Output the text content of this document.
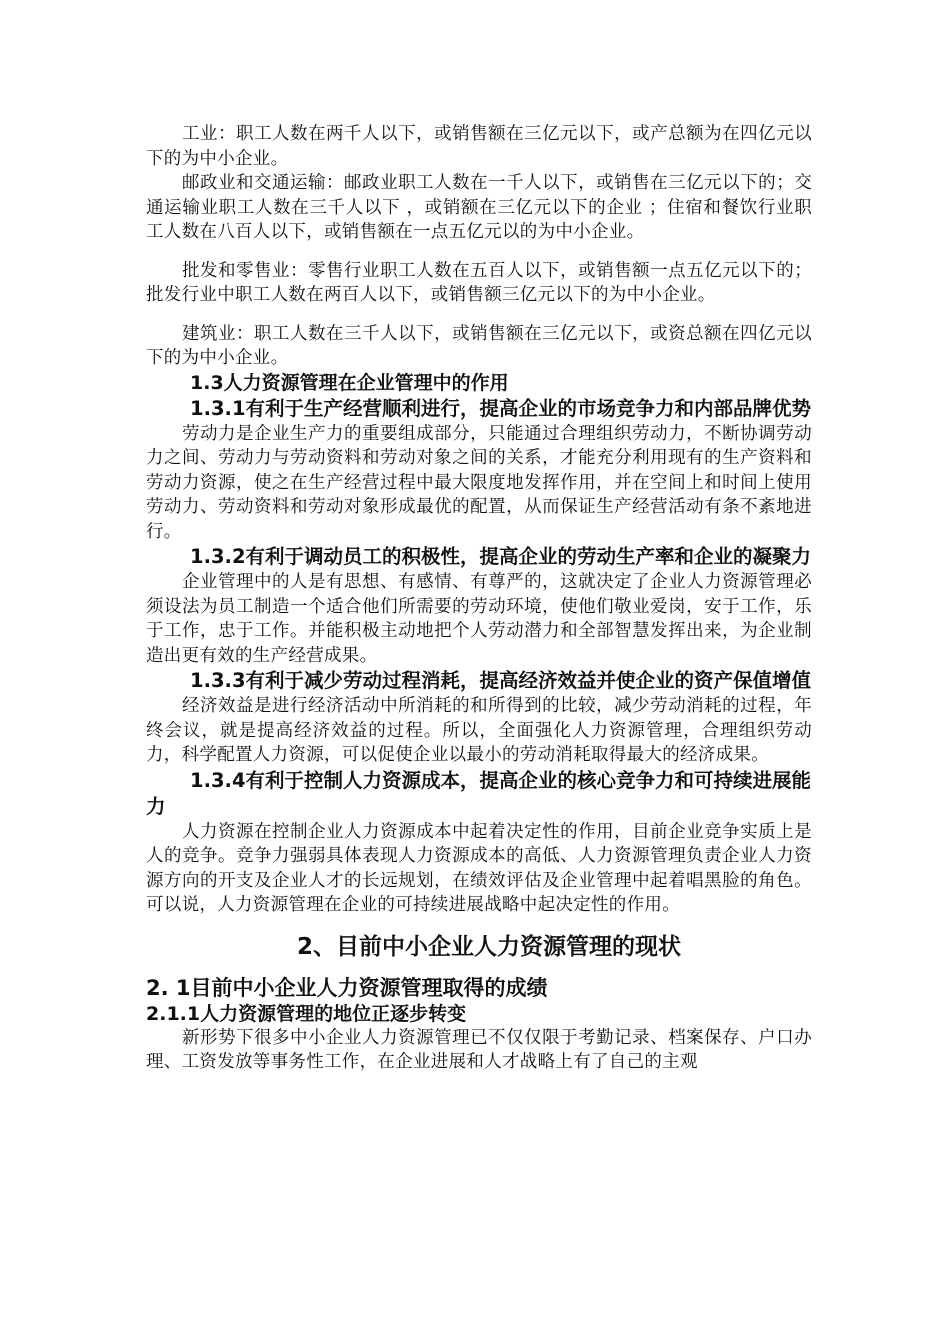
工业：职工人数在两千人以下，或销售额在三亿元以下，或产总额为在四亿元以下的为中小企业。

邮政业和交通运输：邮政业职工人数在一千人以下，或销售在三亿元以下的；交通运输业职工人数在三千人以下 ，或销额在三亿元以下的企业 ；住宿和餐饮行业职工人数在八百人以下，或销售额在一点五亿元以的为中小企业。

批发和零售业：零售行业职工人数在五百人以下，或销售额一点五亿元以下的；批发行业中职工人数在两百人以下，或销售额三亿元以下的为中小企业。

建筑业：职工人数在三千人以下，或销售额在三亿元以下，或资总额在四亿元以下的为中小企业。

1.3人力资源管理在企业管理中的作用
1.3.1有利于生产经营顺利进行，提高企业的市场竞争力和内部品牌优势

劳动力是企业生产力的重要组成部分，只能通过合理组织劳动力，不断协调劳动力之间、劳动力与劳动资料和劳动对象之间的关系，才能充分利用现有的生产资料和劳动力资源，使之在生产经营过程中最大限度地发挥作用，并在空间上和时间上使用劳动力、劳动资料和劳动对象形成最优的配置，从而保证生产经营活动有条不紊地进行。

1.3.2有利于调动员工的积极性，提高企业的劳动生产率和企业的凝聚力

企业管理中的人是有思想、有感情、有尊严的，这就决定了企业人力资源管理必须设法为员工制造一个适合他们所需要的劳动环境，使他们敬业爱岗，安于工作，乐于工作，忠于工作。并能积极主动地把个人劳动潜力和全部智慧发挥出来，为企业制造出更有效的生产经营成果。

1.3.3有利于减少劳动过程消耗，提高经济效益并使企业的资产保值增值

经济效益是进行经济活动中所消耗的和所得到的比较，减少劳动消耗的过程，年终会议，就是提高经济效益的过程。所以，全面强化人力资源管理，合理组织劳动力，科学配置人力资源，可以促使企业以最小的劳动消耗取得最大的经济成果。

1.3.4有利于控制人力资源成本，提高企业的核心竞争力和可持续进展能力

人力资源在控制企业人力资源成本中起着决定性的作用，目前企业竞争实质上是人的竞争。竞争力强弱具体表现人力资源成本的高低、人力资源管理负责企业人力资源方向的开支及企业人才的长远规划，在绩效评估及企业管理中起着唱黑脸的角色。可以说，人力资源管理在企业的可持续进展战略中起决定性的作用。

2、目前中小企业人力资源管理的现状
2. 1目前中小企业人力资源管理取得的成绩
2.1.1人力资源管理的地位正逐步转变

新形势下很多中小企业人力资源管理已不仅仅限于考勤记录、档案保存、户口办理、工资发放等事务性工作，在企业进展和人才战略上有了自己的主观
